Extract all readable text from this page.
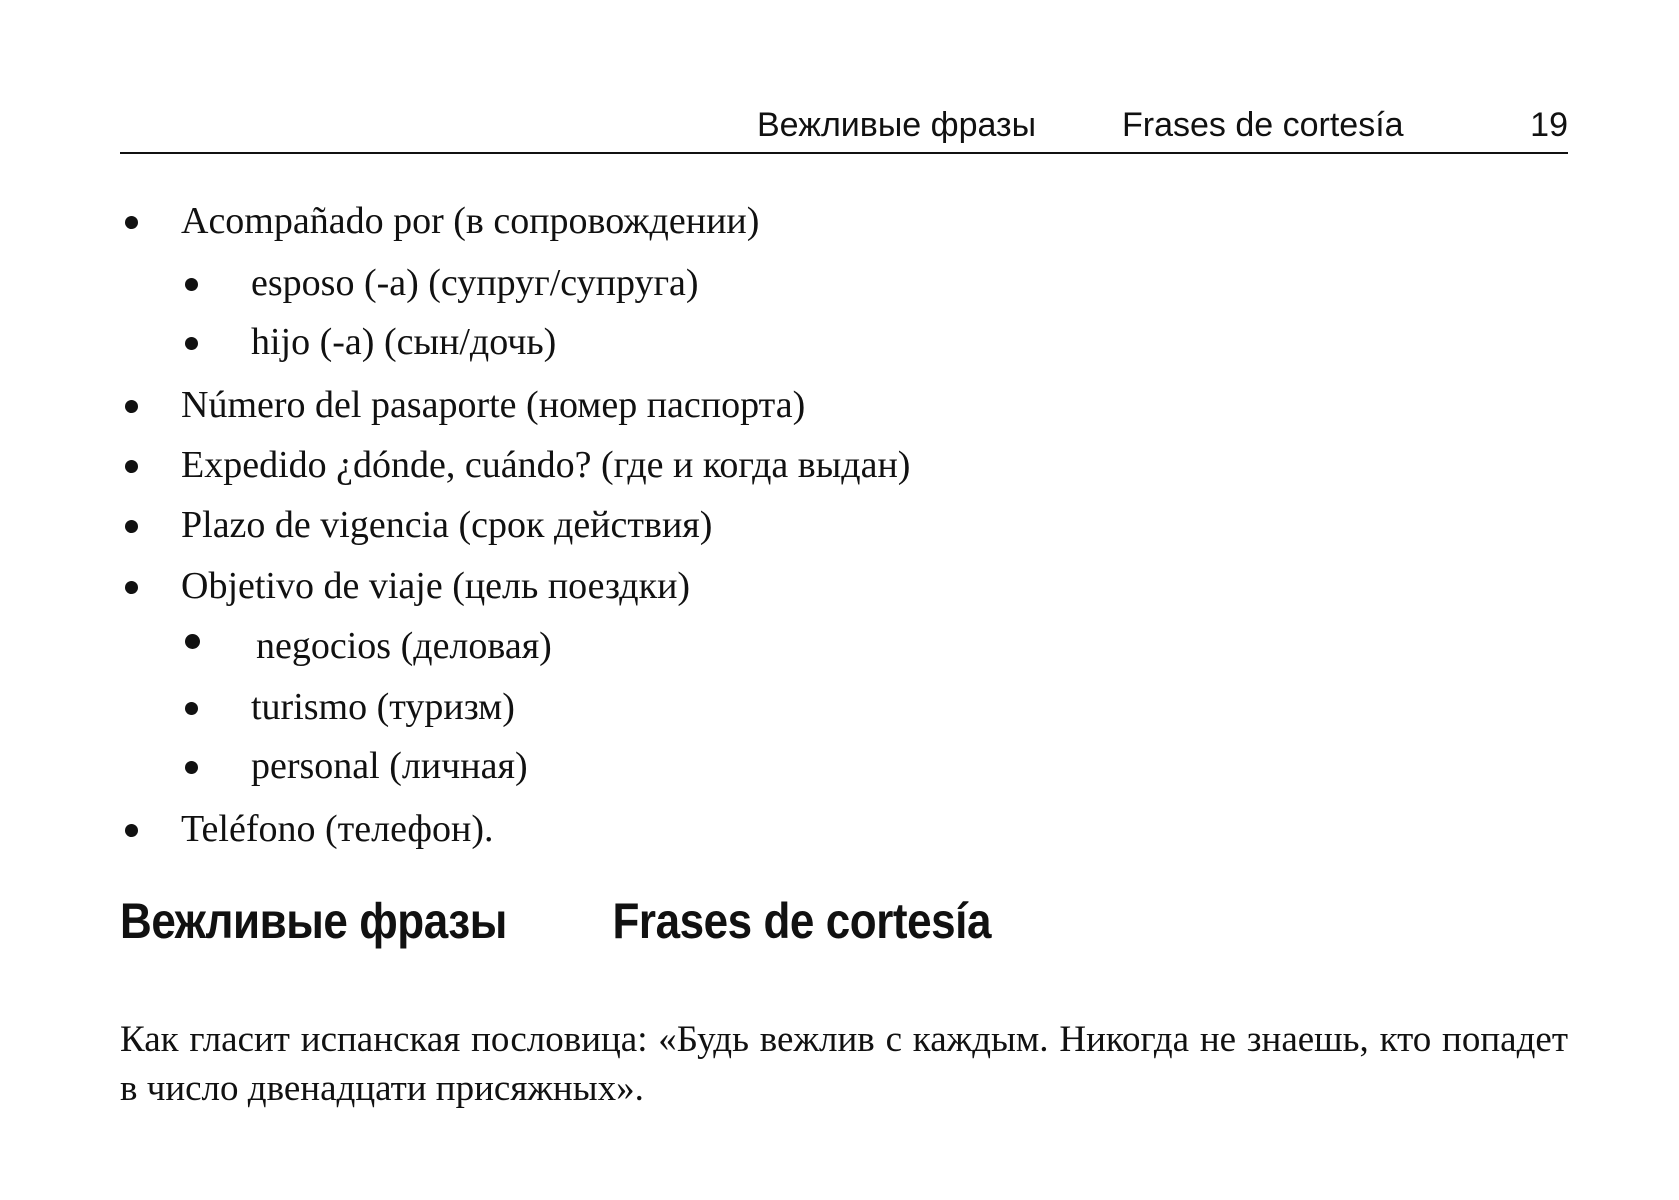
Вежливые фразы	Frases de cortesía	19
Acompañado por (в сопровождении)
esposo (-a) (супруг/супруга)
hijo (-a) (сын/дочь)
Número del pasaporte (номер паспорта)
Expedido ¿dónde, cuándo? (где и когда выдан)
Plazo de vigencia (срок действия)
Objetivo de viaje (цель поездки)
negocios (деловая)
turismo (туризм)
personal (личная)
Teléfono (телефон).
Вежливые фразы Frases de cortesía

Как гласит испанская пословица: «Будь вежлив с каждым. Никогда не знаешь, кто попадет в число двенадцати присяжных».
